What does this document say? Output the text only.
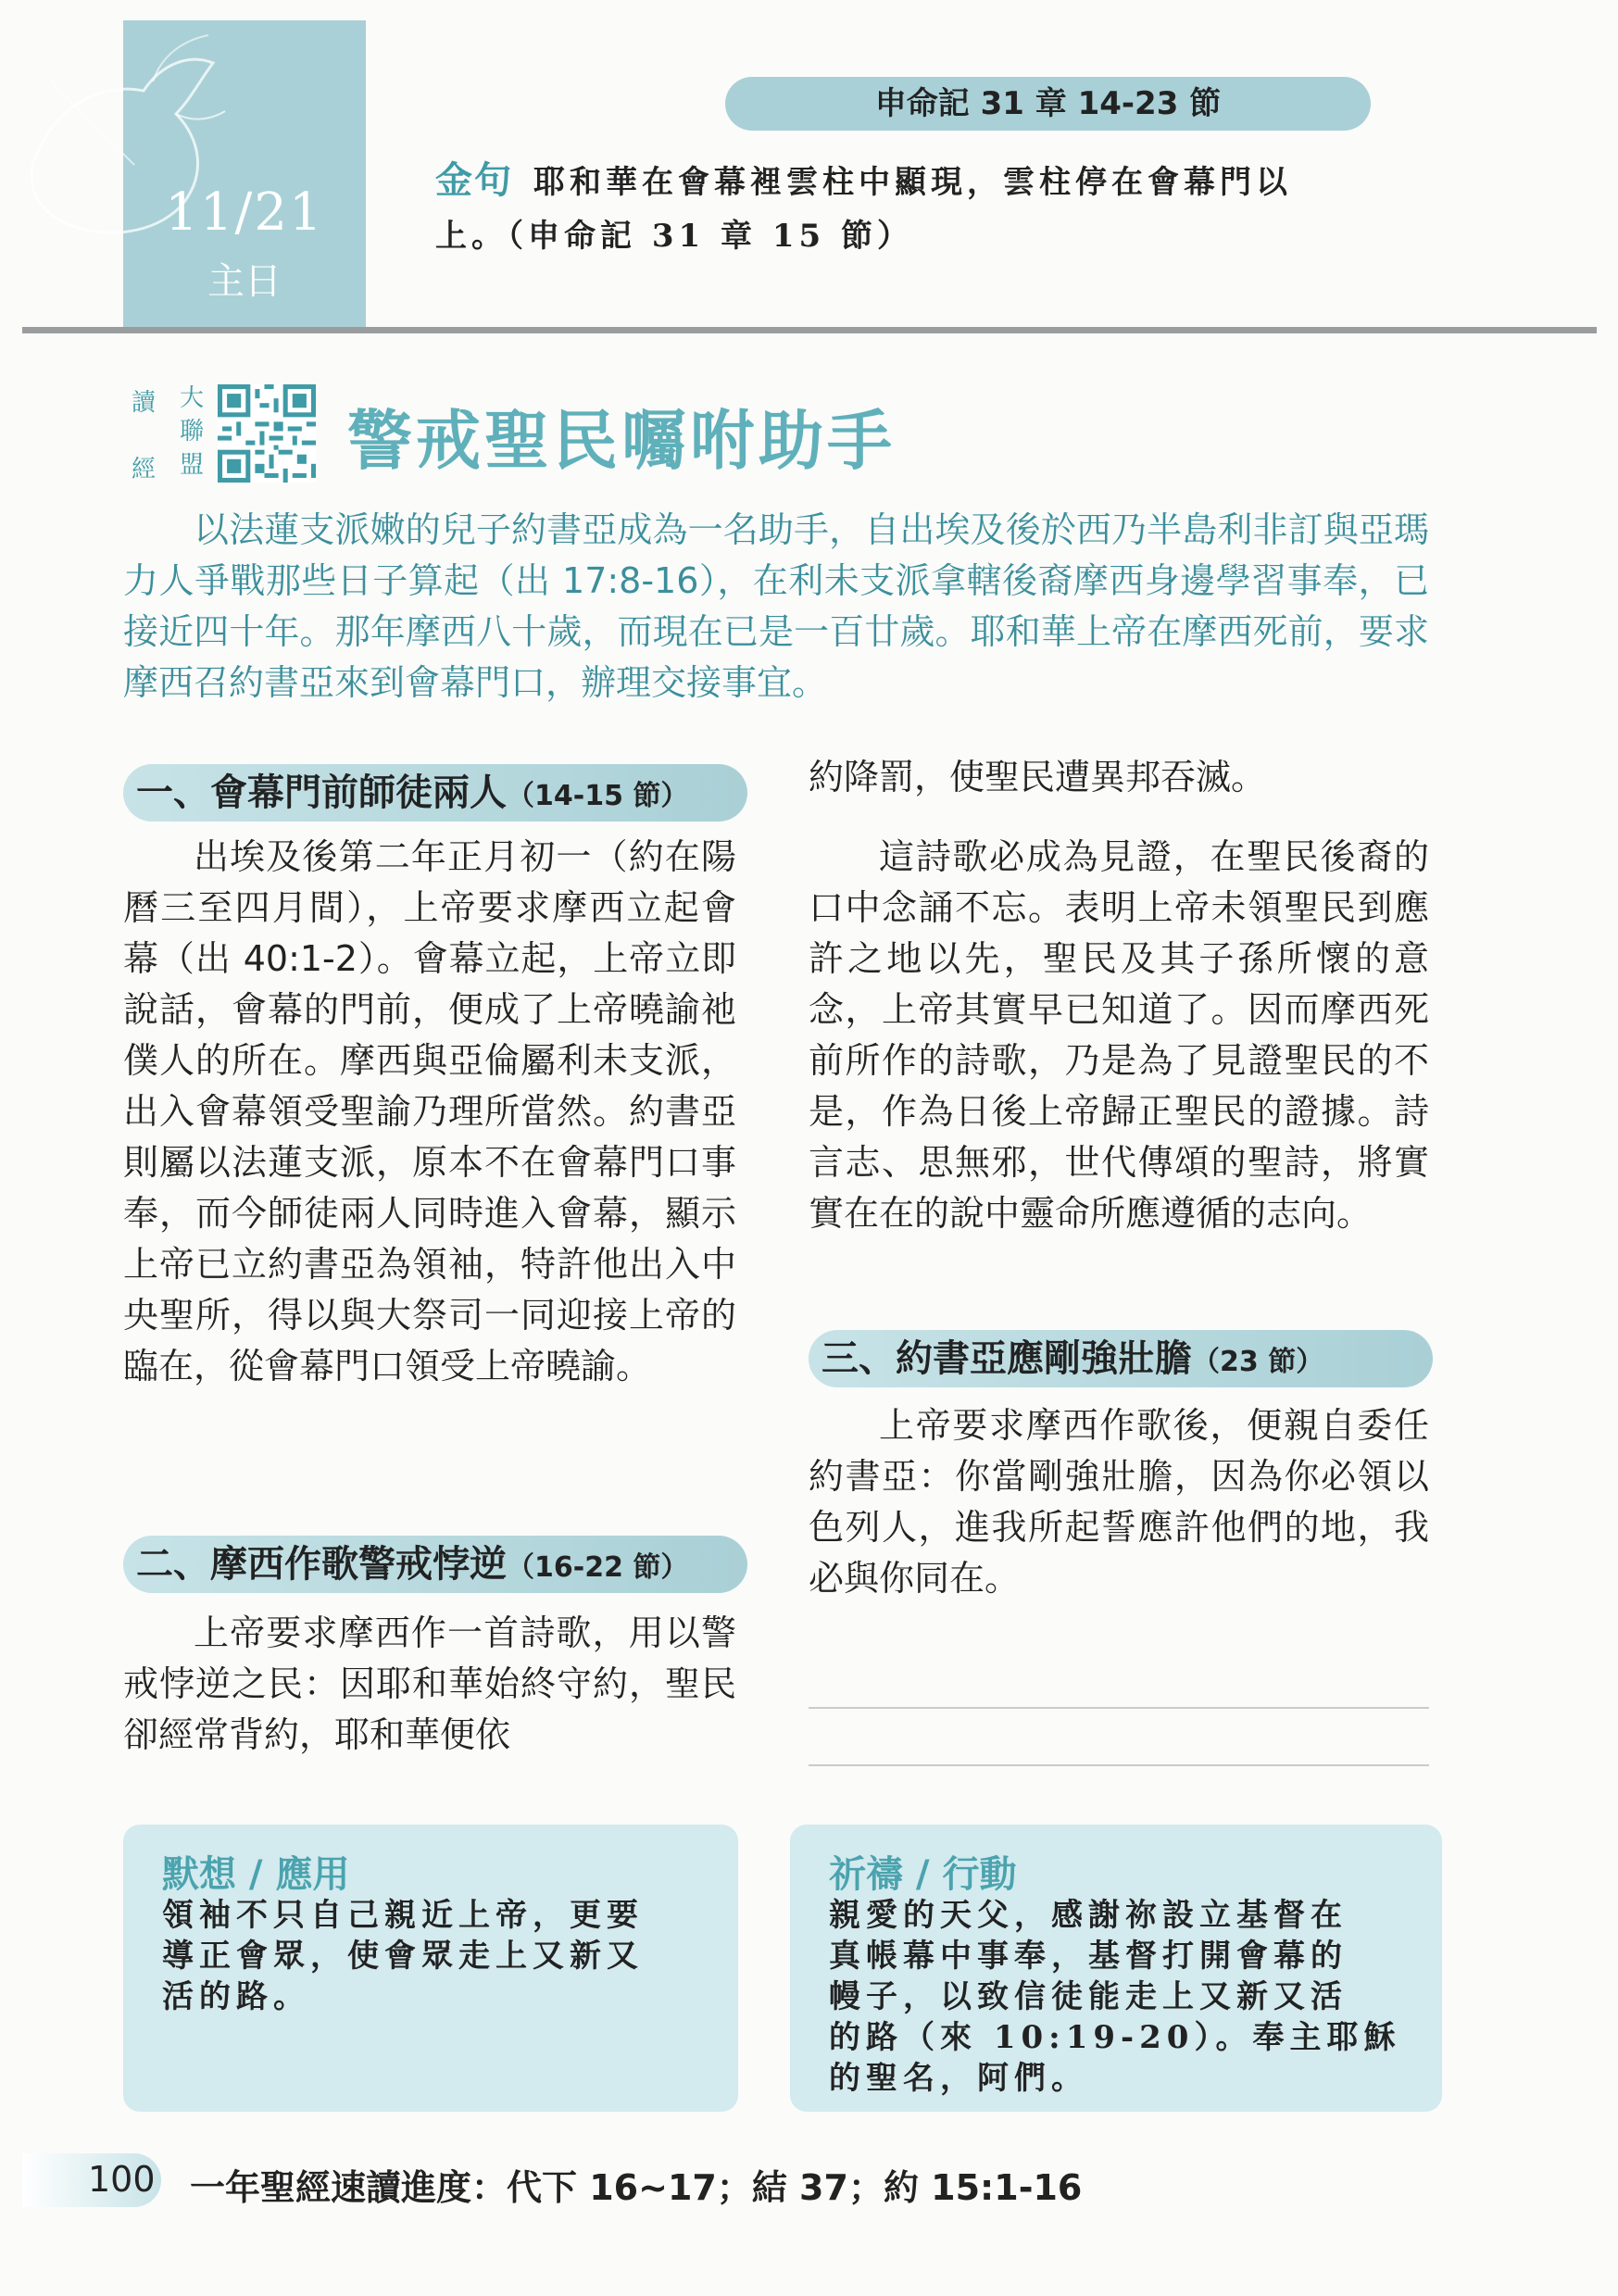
11/21
主日
申命記 31 章 14-23 節
金句 耶和華在會幕裡雲柱中顯現，雲柱停在會幕門以
上。（申命記 31 章 15 節）
讀
經
大
聯
盟 警戒聖民囑咐助手
以法蓮支派嫩的兒子約書亞成為一名助手，自出埃及後於西乃半島利非訂與亞瑪力人爭戰那些日子算起（出 17:8-16），在利未支派拿轄後裔摩西身邊學習事奉，已接近四十年。那年摩西八十歲，而現在已是一百廿歲。耶和華上帝在摩西死前，要求摩西召約書亞來到會幕門口，辦理交接事宜。
一、會幕門前師徒兩人（14-15 節）

出埃及後第二年正月初一（約在陽曆三至四月間），上帝要求摩西立起會幕（出 40:1-2）。會幕立起，上帝立即說話，會幕的門前，便成了上帝曉諭祂僕人的所在。摩西與亞倫屬利未支派，出入會幕領受聖諭乃理所當然。約書亞則屬以法蓮支派，原本不在會幕門口事奉，而今師徒兩人同時進入會幕，顯示上帝已立約書亞為領袖，特許他出入中央聖所，得以與大祭司一同迎接上帝的臨在，從會幕門口領受上帝曉諭。

二、摩西作歌警戒悖逆（16-22 節）

上帝要求摩西作一首詩歌，用以警戒悖逆之民：因耶和華始終守約，聖民卻經常背約，耶和華便依

約降罰，使聖民遭異邦吞滅。

這詩歌必成為見證，在聖民後裔的口中念誦不忘。表明上帝未領聖民到應許之地以先，聖民及其子孫所懷的意念，上帝其實早已知道了。因而摩西死前所作的詩歌，乃是為了見證聖民的不是，作為日後上帝歸正聖民的證據。詩言志、思無邪，世代傳頌的聖詩，將實實在在的說中靈命所應遵循的志向。

三、約書亞應剛強壯膽（23 節）

上帝要求摩西作歌後，便親自委任約書亞：你當剛強壯膽，因為你必領以色列人，進我所起誓應許他們的地，我必與你同在。

默想 / 應用
領袖不只自己親近上帝，更要
導正會眾，使會眾走上又新又
活的路。
祈禱 / 行動
親愛的天父，感謝祢設立基督在
真帳幕中事奉，基督打開會幕的
幔子，以致信徒能走上又新又活
的路（來 10:19-20）。奉主耶穌
的聖名，阿們。
100 一年聖經速讀進度：代下 16~17；結 37；約 15:1-16
